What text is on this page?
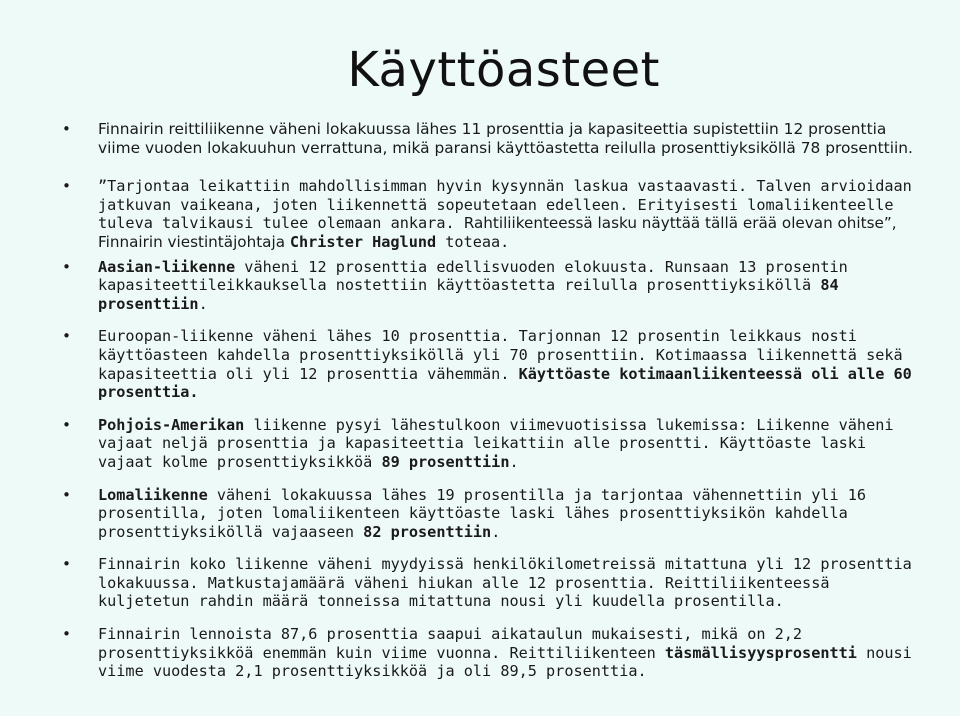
Käyttöasteet
• Finnairin reittiliikenne väheni lokakuussa lähes 11 prosenttia ja kapasiteettia supistettiin 12 prosenttia viime vuoden lokakuuhun verrattuna, mikä paransi käyttöastetta reilulla prosenttiyksiköllä 78 prosenttiin.
• ”Tarjontaa leikattiin mahdollisimman hyvin kysynnän laskua vastaavasti. Talven arvioidaan jatkuvan vaikeana, joten liikennettä sopeutetaan edelleen. Erityisesti lomaliikenteelle tuleva talvikausi tulee olemaan ankara. Rahtiliikenteessä lasku näyttää tällä erää olevan ohitse”, Finnairin viestintäjohtaja Christer Haglund toteaa.
• Aasian-liikenne väheni 12 prosenttia edellisvuoden elokuusta. Runsaan 13 prosentin kapasiteettileikkauksella nostettiin käyttöastetta reilulla prosenttiyksiköllä 84 prosenttiin.
• Euroopan-liikenne väheni lähes 10 prosenttia. Tarjonnan 12 prosentin leikkaus nosti käyttöasteen kahdella prosenttiyksiköllä yli 70 prosenttiin. Kotimaassa liikennettä sekä kapasiteettia oli yli 12 prosenttia vähemmän. Käyttöaste kotimaanliikenteessä oli alle 60 prosenttia.
• Pohjois-Amerikan liikenne pysyi lähestulkoon viimevuotisissa lukemissa: Liikenne väheni vajaat neljä prosenttia ja kapasiteettia leikattiin alle prosentti. Käyttöaste laski vajaat kolme prosenttiyksikköä 89 prosenttiin.
• Lomaliikenne väheni lokakuussa lähes 19 prosentilla ja tarjontaa vähennettiin yli 16 prosentilla, joten lomaliikenteen käyttöaste laski lähes prosenttiyksikön kahdella prosenttiyksiköllä vajaaseen 82 prosenttiin.
• Finnairin koko liikenne väheni myydyissä henkilökilometreissä mitattuna yli 12 prosenttia lokakuussa. Matkustajamäärä väheni hiukan alle 12 prosenttia. Reittiliikenteessä kuljetetun rahdin määrä tonneissa mitattuna nousi yli kuudella prosentilla.
• Finnairin lennoista 87,6 prosenttia saapui aikataulun mukaisesti, mikä on 2,2 prosenttiyksikköä enemmän kuin viime vuonna. Reittiliikenteen täsmällisyysprosentti nousi viime vuodesta 2,1 prosenttiyksikköä ja oli 89,5 prosenttia.
